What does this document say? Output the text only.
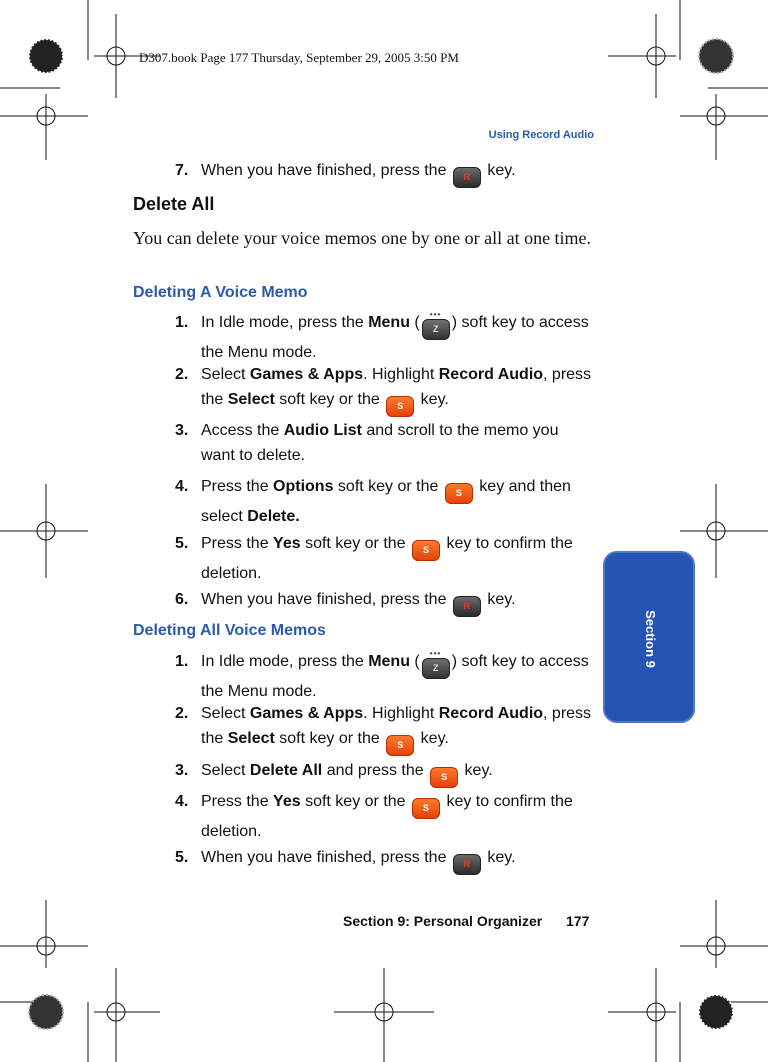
D307.book Page 177 Thursday, September 29, 2005 3:50 PM
Using Record Audio
7. When you have finished, press the R key.
Delete All
You can delete your voice memos one by one or all at one time.
Deleting A Voice Memo
1. In Idle mode, press the Menu ( •••
Z ) soft key to access the Menu mode.
2. Select Games & Apps. Highlight Record Audio, press the Select soft key or the S key.
3. Access the Audio List and scroll to the memo you want to delete.
4. Press the Options soft key or the S key and then select Delete.
5. Press the Yes soft key or the S key to confirm the deletion.
6. When you have finished, press the R key.
Deleting All Voice Memos
1. In Idle mode, press the Menu ( •••
Z ) soft key to access the Menu mode.
2. Select Games & Apps. Highlight Record Audio, press the Select soft key or the S key.
3. Select Delete All and press the S key.
4. Press the Yes soft key or the S key to confirm the deletion.
5. When you have finished, press the R key.
Section 9
Section 9: Personal Organizer 177
